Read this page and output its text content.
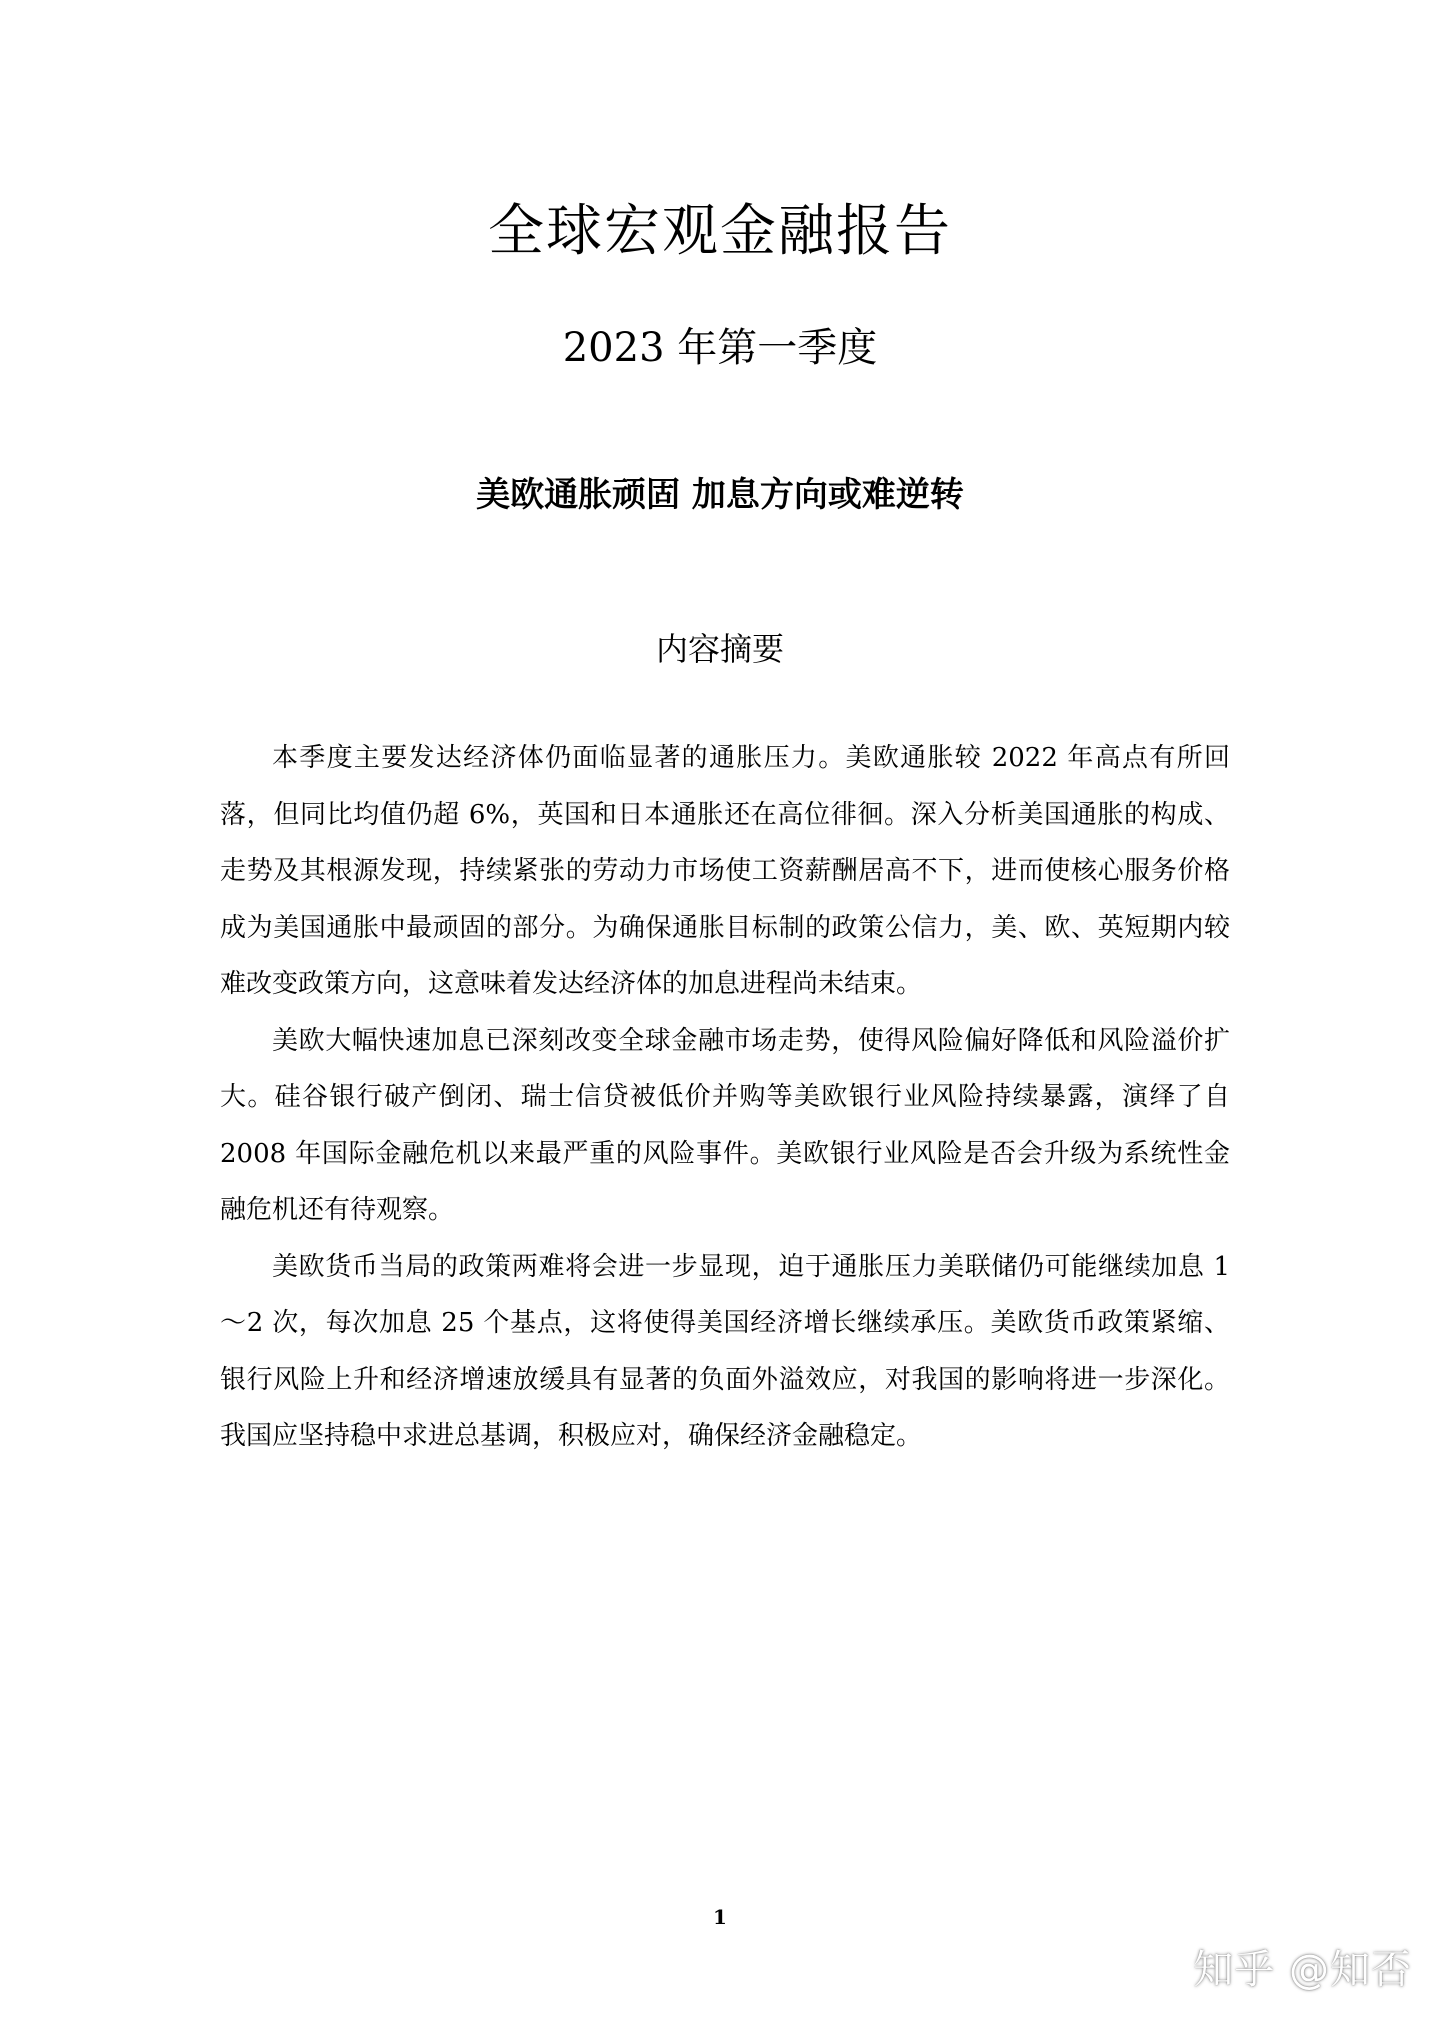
全球宏观金融报告
2023 年第一季度
美欧通胀顽固 加息方向或难逆转
内容摘要

本季度主要发达经济体仍面临显著的通胀压力。美欧通胀较 2022 年高点有所回落，但同比均值仍超 6%，英国和日本通胀还在高位徘徊。深入分析美国通胀的构成、走势及其根源发现，持续紧张的劳动力市场使工资薪酬居高不下，进而使核心服务价格成为美国通胀中最顽固的部分。为确保通胀目标制的政策公信力，美、欧、英短期内较难改变政策方向，这意味着发达经济体的加息进程尚未结束。

美欧大幅快速加息已深刻改变全球金融市场走势，使得风险偏好降低和风险溢价扩大。硅谷银行破产倒闭、瑞士信贷被低价并购等美欧银行业风险持续暴露，演绎了自 2008 年国际金融危机以来最严重的风险事件。美欧银行业风险是否会升级为系统性金融危机还有待观察。

美欧货币当局的政策两难将会进一步显现，迫于通胀压力美联储仍可能继续加息 1～2 次，每次加息 25 个基点，这将使得美国经济增长继续承压。美欧货币政策紧缩、银行风险上升和经济增速放缓具有显著的负面外溢效应，对我国的影响将进一步深化。我国应坚持稳中求进总基调，积极应对，确保经济金融稳定。

1
知乎 @知否
